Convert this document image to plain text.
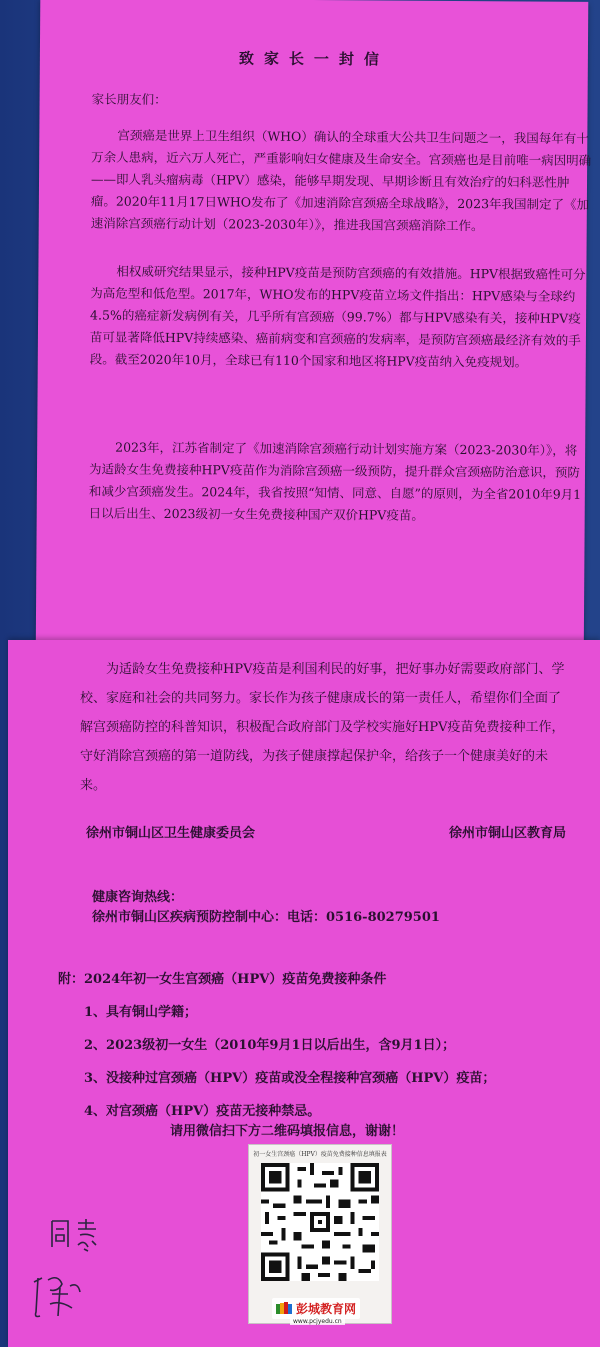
致家长一封信

家长朋友们：

宫颈癌是世界上卫生组织（WHO）确认的全球重大公共卫生问题之一，我国每年有十万余人患病，近六万人死亡，严重影响妇女健康及生命安全。宫颈癌也是目前唯一病因明确——即人乳头瘤病毒（HPV）感染，能够早期发现、早期诊断且有效治疗的妇科恶性肿瘤。2020年11月17日WHO发布了《加速消除宫颈癌全球战略》，2023年我国制定了《加速消除宫颈癌行动计划（2023-2030年）》，推进我国宫颈癌消除工作。

相权威研究结果显示，接种HPV疫苗是预防宫颈癌的有效措施。HPV根据致癌性可分为高危型和低危型。2017年，WHO发布的HPV疫苗立场文件指出：HPV感染与全球约4.5%的癌症新发病例有关，几乎所有宫颈癌（99.7%）都与HPV感染有关，接种HPV疫苗可显著降低HPV持续感染、癌前病变和宫颈癌的发病率，是预防宫颈癌最经济有效的手段。截至2020年10月，全球已有110个国家和地区将HPV疫苗纳入免疫规划。

2023年，江苏省制定了《加速消除宫颈癌行动计划实施方案（2023-2030年）》，将为适龄女生免费接种HPV疫苗作为消除宫颈癌一级预防，提升群众宫颈癌防治意识，预防和减少宫颈癌发生。2024年，我省按照“知情、同意、自愿”的原则，为全省2010年9月1日以后出生、2023级初一女生免费接种国产双价HPV疫苗。

为适龄女生免费接种HPV疫苗是利国利民的好事，把好事办好需要政府部门、学校、家庭和社会的共同努力。家长作为孩子健康成长的第一责任人，希望你们全面了解宫颈癌防控的科普知识，积极配合政府部门及学校实施好HPV疫苗免费接种工作，守好消除宫颈癌的第一道防线，为孩子健康撑起保护伞，给孩子一个健康美好的未来。

徐州市铜山区卫生健康委员会	徐州市铜山区教育局
健康咨询热线：
徐州市铜山区疾病预防控制中心：电话：0516-80279501
附：2024年初一女生宫颈癌（HPV）疫苗免费接种条件
1、具有铜山学籍；
2、2023级初一女生（2010年9月1日以后出生，含9月1日）；
3、没接种过宫颈癌（HPV）疫苗或没全程接种宫颈癌（HPV）疫苗；
4、对宫颈癌（HPV）疫苗无接种禁忌。
请用微信扫下方二维码填报信息，谢谢！
初一女生宫颈癌（HPV）疫苗免费接种信息填报表
彭城教育网
www.pcjyedu.cn
